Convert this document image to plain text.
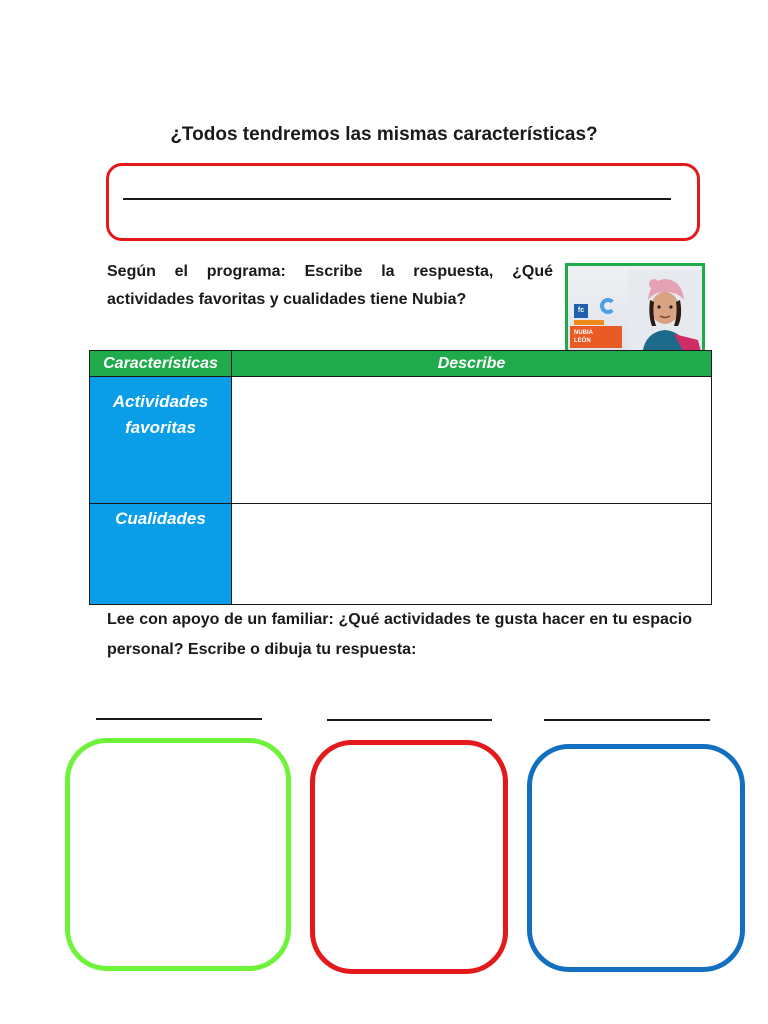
¿Todos tendremos las mismas características?

Según el programa: Escribe la respuesta, ¿Qué actividades favoritas y cualidades tiene Nubia?

fc
NUBIA
LEÓN
Características	Describe
Actividades favoritas	
Cualidades	

Lee con apoyo de un familiar: ¿Qué actividades te gusta hacer en tu espacio personal? Escribe o dibuja tu respuesta:
